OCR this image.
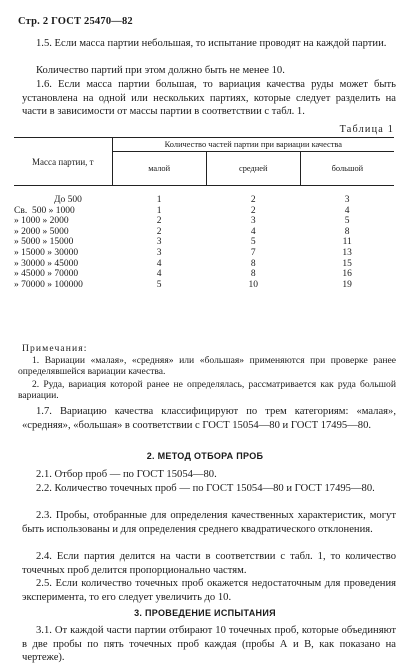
Стр. 2 ГОСТ 25470—82

1.5. Если масса партии небольшая, то испытание проводят на каждой партии.

Количество партий при этом должно быть не менее 10.

1.6. Если масса партии большая, то вариация качества руды может быть установлена на одной или нескольких партиях, которые следует разделить на части в зависимости от массы партии в соответствии с табл. 1.

Таблица 1
Масса партии, т	Количество частей партии при вариации качества		
	малой	средней	большой
До 500	1	2	3
Св.  500 » 1000	1	2	4
» 1000 » 2000	2	3	5
» 2000 » 5000	2	4	8
» 5000 » 15000	3	5	11
» 15000 » 30000	3	7	13
» 30000 » 45000	4	8	15
» 45000 » 70000	4	8	16
» 70000 » 100000	5	10	19
Примечания:

1. Вариации «малая», «средняя» или «большая» применяются при проверке ранее определявшейся вариации качества.

2. Руда, вариация которой ранее не определялась, рассматривается как руда большой вариации.

1.7. Вариацию качества классифицируют по трем категориям: «малая», «средняя», «большая» в соответствии с ГОСТ 15054—80 и ГОСТ 17495—80.

2. МЕТОД ОТБОРА ПРОБ

2.1. Отбор проб — по ГОСТ 15054—80.

2.2. Количество точечных проб — по ГОСТ 15054—80 и ГОСТ 17495—80.

2.3. Пробы, отобранные для определения качественных характеристик, могут быть использованы и для определения среднего квадратического отклонения.

2.4. Если партия делится на части в соответствии с табл. 1, то количество точечных проб делится пропорционально частям.

2.5. Если количество точечных проб окажется недостаточным для проведения эксперимента, то его следует увеличить до 10.

3. ПРОВЕДЕНИЕ ИСПЫТАНИЯ

3.1. От каждой части партии отбирают 10 точечных проб, которые объединяют в две пробы по пять точечных проб каждая (пробы А и В, как показано на чертеже).
